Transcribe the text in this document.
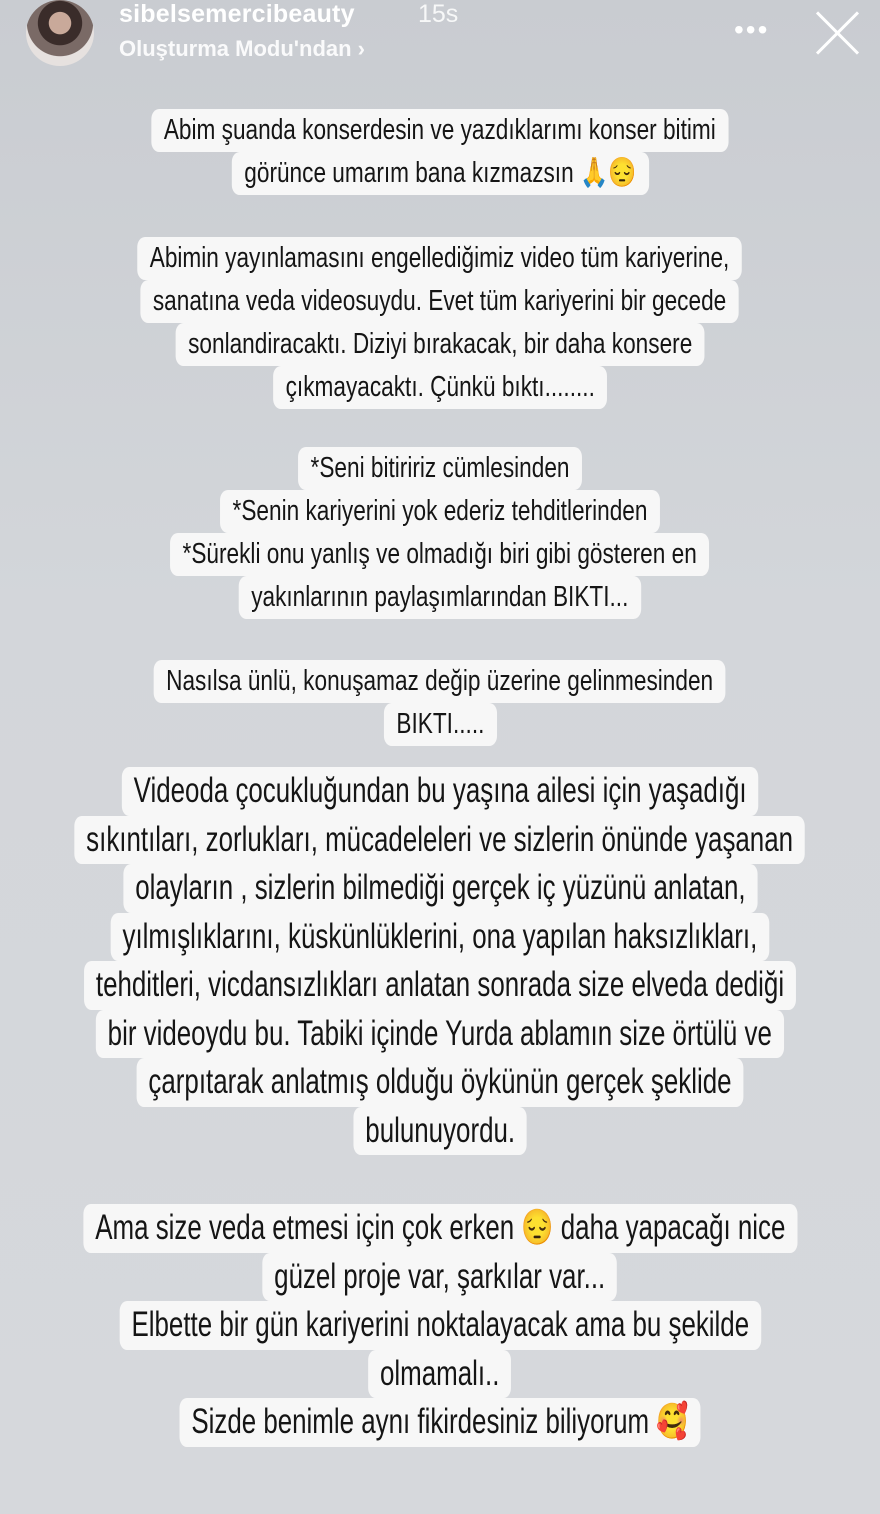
sibelsemercibeauty	15s
Oluşturma Modu'ndan ›
•••
Abim şuanda konserdesin ve yazdıklarımı konser bitimi
görünce umarım bana kızmazsın 🙏😔
Abimin yayınlamasını engellediğimiz video tüm kariyerine,
sanatına veda videosuydu. Evet tüm kariyerini bir gecede
sonlandiracaktı. Diziyi bırakacak, bir daha konsere
çıkmayacaktı. Çünkü bıktı........
*Seni bitiririz cümlesinden
*Senin kariyerini yok ederiz tehditlerinden
*Sürekli onu yanlış ve olmadığı biri gibi gösteren en
yakınlarının paylaşımlarından BIKTI...
Nasılsa ünlü, konuşamaz değip üzerine gelinmesinden
BIKTI.....
Videoda çocukluğundan bu yaşına ailesi için yaşadığı
sıkıntıları, zorlukları, mücadeleleri ve sizlerin önünde yaşanan
olayların , sizlerin bilmediği gerçek iç yüzünü anlatan,
yılmışlıklarını, küskünlüklerini, ona yapılan haksızlıkları,
tehditleri, vicdansızlıkları anlatan sonrada size elveda dediği
bir videoydu bu. Tabiki içinde Yurda ablamın size örtülü ve
çarpıtarak anlatmış olduğu öykünün gerçek şeklide
bulunuyordu.
Ama size veda etmesi için çok erken 😔 daha yapacağı nice
güzel proje var, şarkılar var...
Elbette bir gün kariyerini noktalayacak ama bu şekilde
olmamalı..
Sizde benimle aynı fikirdesiniz biliyorum 🥰
